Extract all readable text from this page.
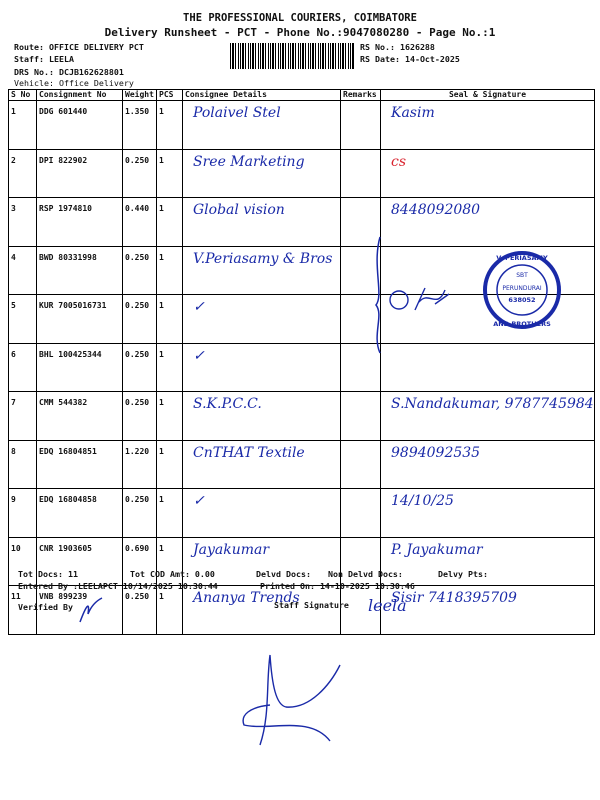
THE PROFESSIONAL COURIERS, COIMBATORE
Delivery Runsheet - PCT - Phone No.:9047080280 - Page No.:1
Route: OFFICE DELIVERY PCT
Staff: LEELA
DRS No.: DCJB162628801
Vehicle: Office Delivery
RS No.: 1626288
RS Date: 14-Oct-2025
S No	Consignment No	Weight	PCS	Consignee Details	Remarks	Seal & Signature
1	DDG 601440	1.350	1	Polaivel Stel		Kasim

2	DPI 822902	0.250	1	Sree Marketing		cs

3	RSP 1974810	0.440	1	Global vision		8448092080

4	BWD 80331998	0.250	1	V.Periasamy & Bros		

5	KUR 7005016731	0.250	1	✓		

6	BHL 100425344	0.250	1	✓		

7	CMM 544382	0.250	1	S.K.P.C.C.		S.Nandakumar, 9787745984

8	EDQ 16804851	1.220	1	CnTHAT Textile		9894092535

9	EDQ 16804858	0.250	1	✓		14/10/25

10	CNR 1903605	0.690	1	Jayakumar		P. Jayakumar

11	VNB 899239	0.250	1	Ananya Trends		Sisir 7418395709
V. PERIASAMY
AND BROTHERS
SBT
PERUNDURAI
638052
Tot Docs: 11	Tot COD Amt: 0.00	Delvd Docs: Non Delvd Docs:	Delvy Pts:
Entered By :LEELAPCT 10/14/2025 10:30:44	Printed On: 14-10-2025 10:30:46
Verified By	Staff Signature leela
